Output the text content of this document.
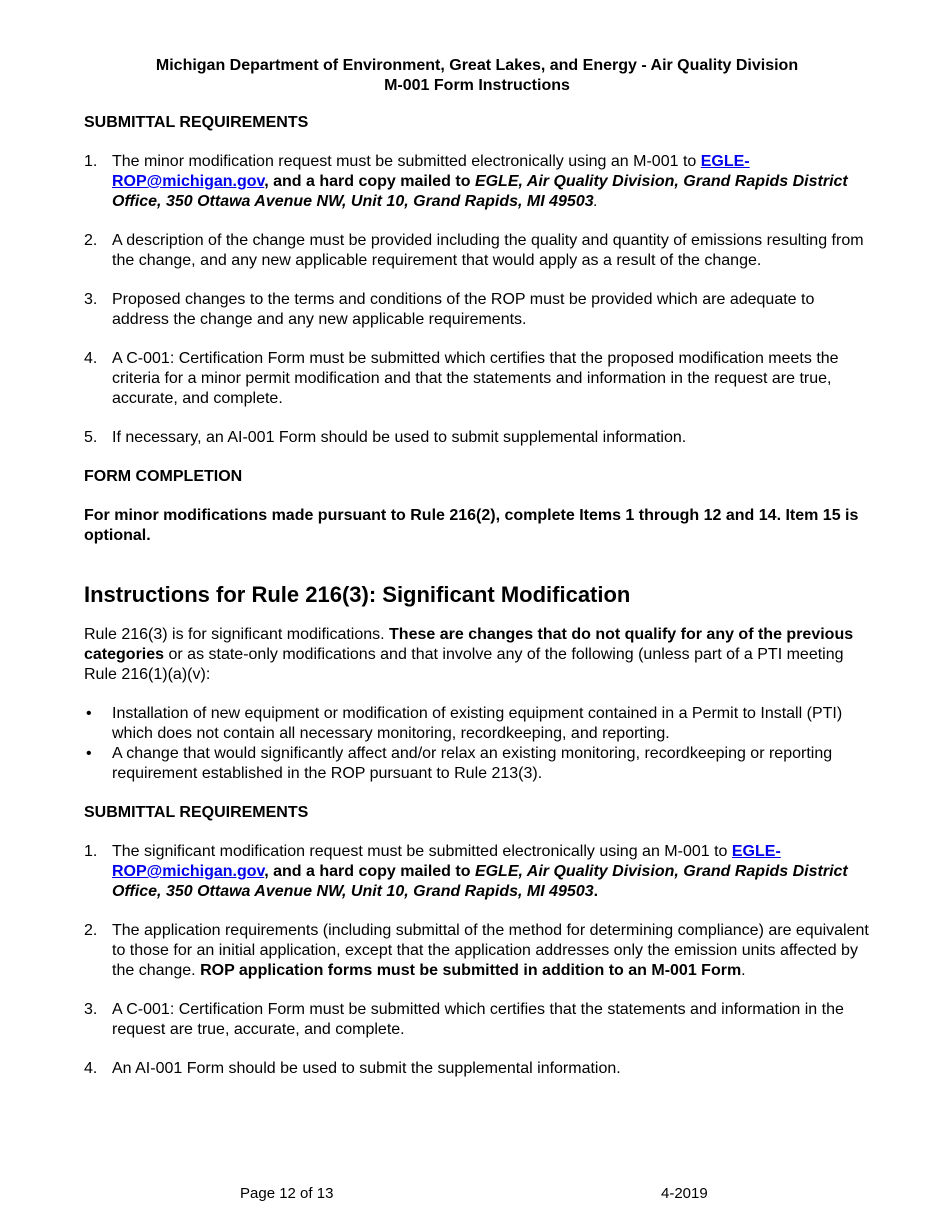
Michigan Department of Environment, Great Lakes, and Energy - Air Quality Division
M-001 Form Instructions
SUBMITTAL REQUIREMENTS
1. The minor modification request must be submitted electronically using an M-001 to EGLE-ROP@michigan.gov, and a hard copy mailed to EGLE, Air Quality Division, Grand Rapids District Office, 350 Ottawa Avenue NW, Unit 10, Grand Rapids, MI 49503.
2. A description of the change must be provided including the quality and quantity of emissions resulting from the change, and any new applicable requirement that would apply as a result of the change.
3. Proposed changes to the terms and conditions of the ROP must be provided which are adequate to address the change and any new applicable requirements.
4. A C-001: Certification Form must be submitted which certifies that the proposed modification meets the criteria for a minor permit modification and that the statements and information in the request are true, accurate, and complete.
5. If necessary, an AI-001 Form should be used to submit supplemental information.
FORM COMPLETION
For minor modifications made pursuant to Rule 216(2), complete Items 1 through 12 and 14. Item 15 is optional.
Instructions for Rule 216(3): Significant Modification
Rule 216(3) is for significant modifications. These are changes that do not qualify for any of the previous categories or as state-only modifications and that involve any of the following (unless part of a PTI meeting Rule 216(1)(a)(v):
• Installation of new equipment or modification of existing equipment contained in a Permit to Install (PTI) which does not contain all necessary monitoring, recordkeeping, and reporting.
• A change that would significantly affect and/or relax an existing monitoring, recordkeeping or reporting requirement established in the ROP pursuant to Rule 213(3).
SUBMITTAL REQUIREMENTS
1. The significant modification request must be submitted electronically using an M-001 to EGLE-ROP@michigan.gov, and a hard copy mailed to EGLE, Air Quality Division, Grand Rapids District Office, 350 Ottawa Avenue NW, Unit 10, Grand Rapids, MI 49503.
2. The application requirements (including submittal of the method for determining compliance) are equivalent to those for an initial application, except that the application addresses only the emission units affected by the change. ROP application forms must be submitted in addition to an M-001 Form.
3. A C-001: Certification Form must be submitted which certifies that the statements and information in the request are true, accurate, and complete.
4. An AI-001 Form should be used to submit the supplemental information.
Page 12 of 13	4-2019
